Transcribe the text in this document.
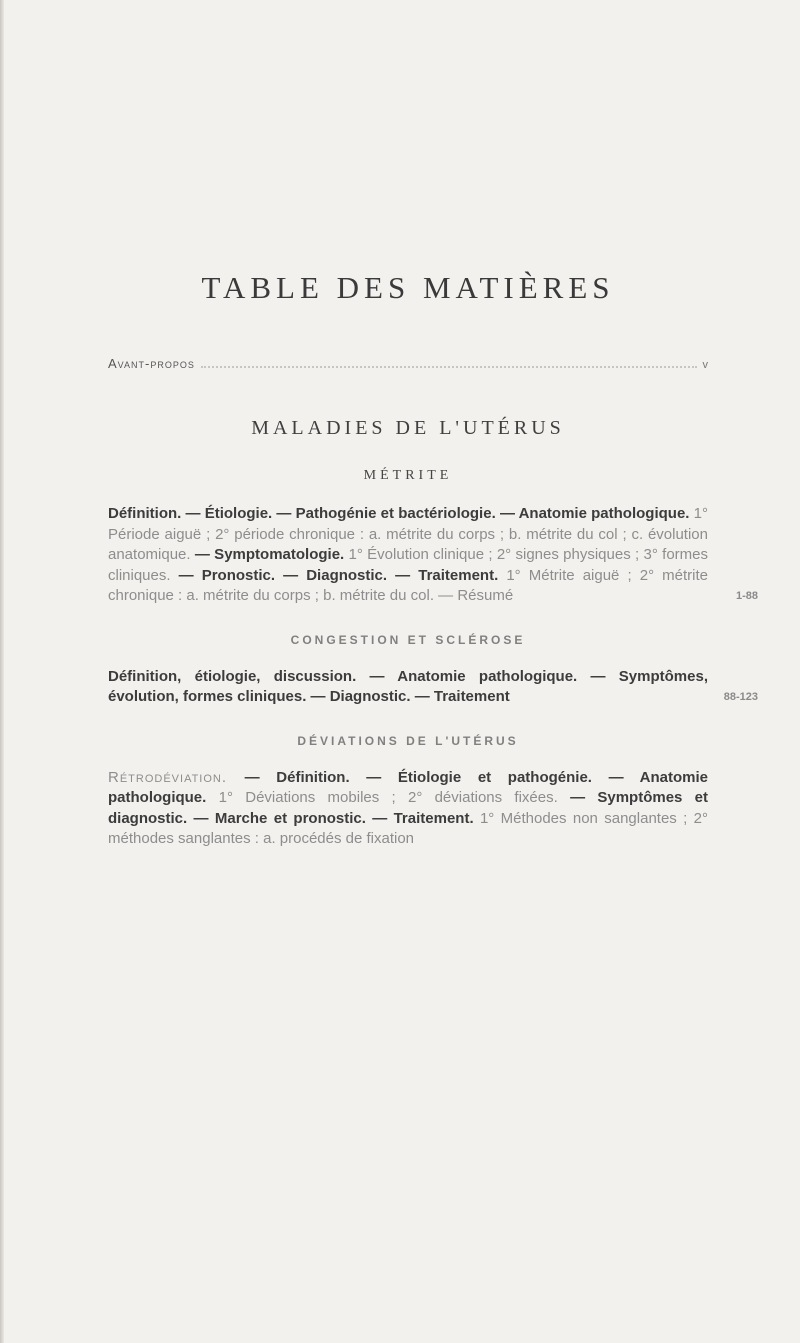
TABLE DES MATIÈRES
Avant-propos	v
MALADIES DE L'UTÉRUS
MÉTRITE

Définition. — Étiologie. — Pathogénie et bactériologie. — Anatomie pathologique. 1° Période aiguë ; 2° période chronique : a. métrite du corps ; b. métrite du col ; c. évolution anatomique. — Symptomatologie. 1° Évolution clinique ; 2° signes physiques ; 3° formes cliniques. — Pronostic. — Diagnostic. — Traitement. 1° Métrite aiguë ; 2° métrite chronique : a. métrite du corps ; b. métrite du col. — Résumé	1-88

CONGESTION ET SCLÉROSE

Définition, étiologie, discussion. — Anatomie pathologique. — Symptômes, évolution, formes cliniques. — Diagnostic. — Traitement	88-123

DÉVIATIONS DE L'UTÉRUS

Rétrodéviation. — Définition. — Étiologie et pathogénie. — Anatomie pathologique. 1° Déviations mobiles ; 2° déviations fixées. — Symptômes et diagnostic. — Marche et pronostic. — Traitement. 1° Méthodes non sanglantes ; 2° méthodes sanglantes : a. procédés de fixation
